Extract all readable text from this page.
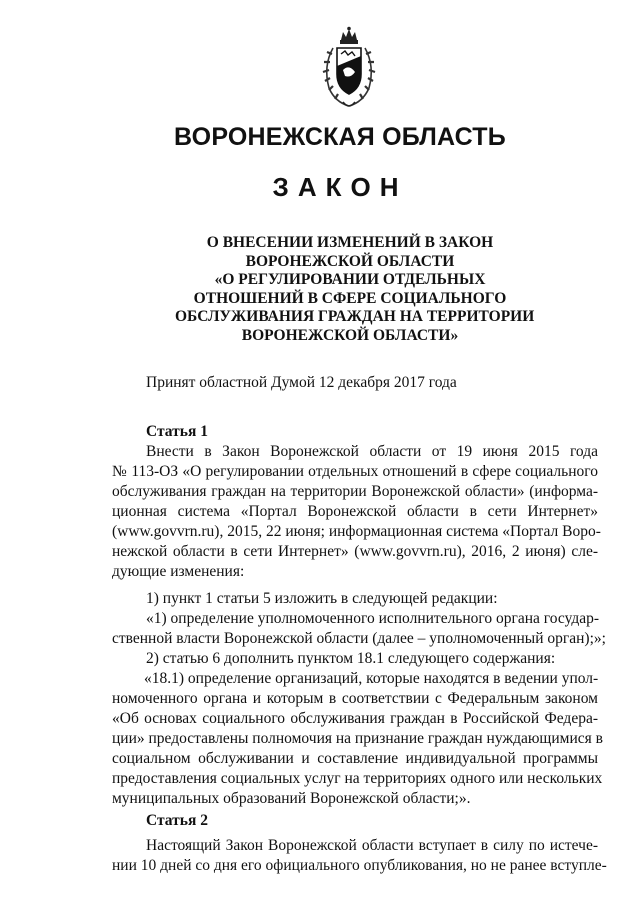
ВОРОНЕЖСКАЯ ОБЛАСТЬ
ЗАКОН
О ВНЕСЕНИИ ИЗМЕНЕНИЙ В ЗАКОН
ВОРОНЕЖСКОЙ ОБЛАСТИ
«О РЕГУЛИРОВАНИИ ОТДЕЛЬНЫХ
ОТНОШЕНИЙ В СФЕРЕ СОЦИАЛЬНОГО
ОБСЛУЖИВАНИЯ ГРАЖДАН НА ТЕРРИТОРИИ
ВОРОНЕЖСКОЙ ОБЛАСТИ»
Принят областной Думой 12 декабря 2017 года
Статья 1
Внести в Закон Воронежской области от 19 июня 2015 года
№ 113-ОЗ «О регулировании отдельных отношений в сфере социального
обслуживания граждан на территории Воронежской области» (информа-
ционная система «Портал Воронежской области в сети Интернет»
(www.govvrn.ru), 2015, 22 июня; информационная система «Портал Воро-
нежской области в сети Интернет» (www.govvrn.ru), 2016, 2 июня) сле-
дующие изменения:
1) пункт 1 статьи 5 изложить в следующей редакции:
«1) определение уполномоченного исполнительного органа государ-
ственной власти Воронежской области (далее – уполномоченный орган);»;
2) статью 6 дополнить пунктом 18.1 следующего содержания:
«18.1) определение организаций, которые находятся в ведении упол-
номоченного органа и которым в соответствии с Федеральным законом
«Об основах социального обслуживания граждан в Российской Федера-
ции» предоставлены полномочия на признание граждан нуждающимися в
социальном обслуживании и составление индивидуальной программы
предоставления социальных услуг на территориях одного или нескольких
муниципальных образований Воронежской области;».
Статья 2
Настоящий Закон Воронежской области вступает в силу по истече-
нии 10 дней со дня его официального опубликования, но не ранее вступле-
